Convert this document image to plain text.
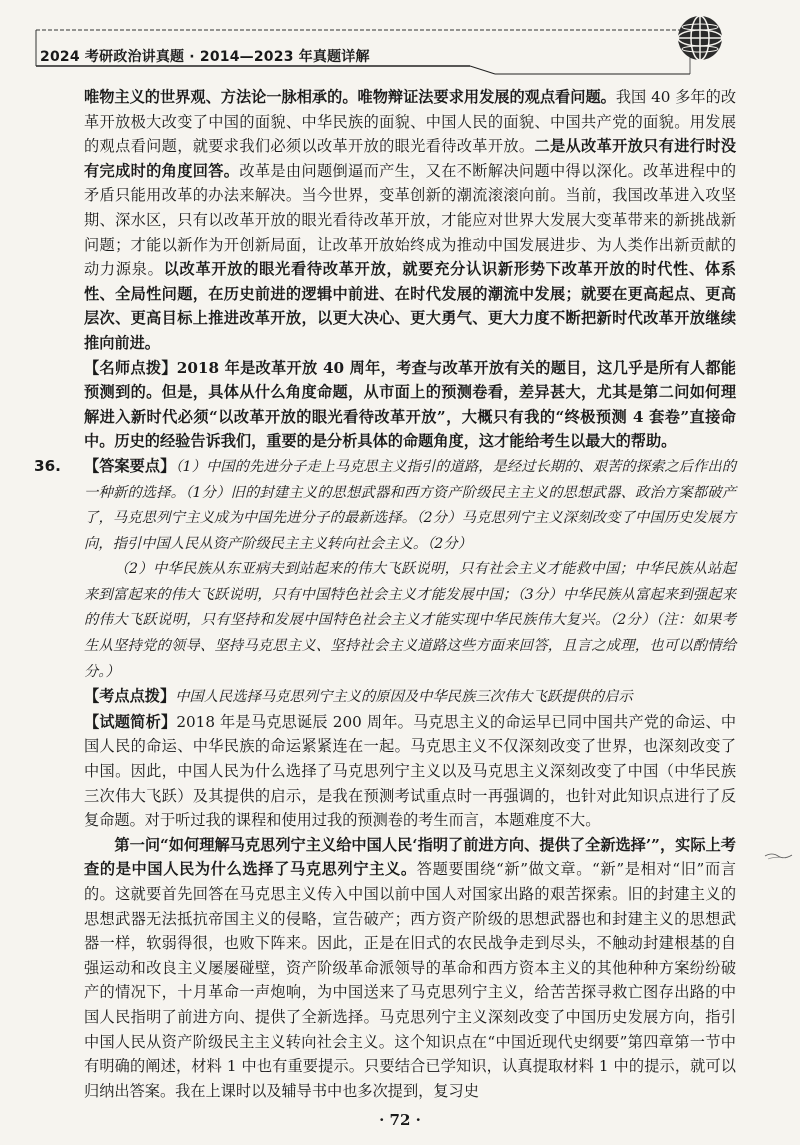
2024 考研政治讲真题 · 2014—2023 年真题详解

唯物主义的世界观、方法论一脉相承的。唯物辩证法要求用发展的观点看问题。我国 40 多年的改革开放极大改变了中国的面貌、中华民族的面貌、中国人民的面貌、中国共产党的面貌。用发展的观点看问题，就要求我们必须以改革开放的眼光看待改革开放。二是从改革开放只有进行时没有完成时的角度回答。改革是由问题倒逼而产生，又在不断解决问题中得以深化。改革进程中的矛盾只能用改革的办法来解决。当今世界，变革创新的潮流滚滚向前。当前，我国改革进入攻坚期、深水区，只有以改革开放的眼光看待改革开放，才能应对世界大发展大变革带来的新挑战新问题；才能以新作为开创新局面，让改革开放始终成为推动中国发展进步、为人类作出新贡献的动力源泉。以改革开放的眼光看待改革开放，就要充分认识新形势下改革开放的时代性、体系性、全局性问题，在历史前进的逻辑中前进、在时代发展的潮流中发展；就要在更高起点、更高层次、更高目标上推进改革开放，以更大决心、更大勇气、更大力度不断把新时代改革开放继续推向前进。

【名师点拨】2018 年是改革开放 40 周年，考查与改革开放有关的题目，这几乎是所有人都能预测到的。但是，具体从什么角度命题，从市面上的预测卷看，差异甚大，尤其是第二问如何理解进入新时代必须“以改革开放的眼光看待改革开放”，大概只有我的“终极预测 4 套卷”直接命中。历史的经验告诉我们，重要的是分析具体的命题角度，这才能给考生以最大的帮助。

36. 【答案要点】（1）中国的先进分子走上马克思主义指引的道路，是经过长期的、艰苦的探索之后作出的一种新的选择。（1分）旧的封建主义的思想武器和西方资产阶级民主主义的思想武器、政治方案都破产了，马克思列宁主义成为中国先进分子的最新选择。（2分）马克思列宁主义深刻改变了中国历史发展方向，指引中国人民从资产阶级民主主义转向社会主义。（2分）

（2）中华民族从东亚病夫到站起来的伟大飞跃说明，只有社会主义才能救中国；中华民族从站起来到富起来的伟大飞跃说明，只有中国特色社会主义才能发展中国；（3分）中华民族从富起来到强起来的伟大飞跃说明，只有坚持和发展中国特色社会主义才能实现中华民族伟大复兴。（2分）（注：如果考生从坚持党的领导、坚持马克思主义、坚持社会主义道路这些方面来回答，且言之成理，也可以酌情给分。）

【考点点拨】中国人民选择马克思列宁主义的原因及中华民族三次伟大飞跃提供的启示

【试题简析】2018 年是马克思诞辰 200 周年。马克思主义的命运早已同中国共产党的命运、中国人民的命运、中华民族的命运紧紧连在一起。马克思主义不仅深刻改变了世界，也深刻改变了中国。因此，中国人民为什么选择了马克思列宁主义以及马克思主义深刻改变了中国（中华民族三次伟大飞跃）及其提供的启示，是我在预测考试重点时一再强调的，也针对此知识点进行了反复命题。对于听过我的课程和使用过我的预测卷的考生而言，本题难度不大。

第一问“如何理解马克思列宁主义给中国人民‘指明了前进方向、提供了全新选择’”，实际上考查的是中国人民为什么选择了马克思列宁主义。答题要围绕“新”做文章。“新”是相对“旧”而言的。这就要首先回答在马克思主义传入中国以前中国人对国家出路的艰苦探索。旧的封建主义的思想武器无法抵抗帝国主义的侵略，宣告破产；西方资产阶级的思想武器也和封建主义的思想武器一样，软弱得很，也败下阵来。因此，正是在旧式的农民战争走到尽头，不触动封建根基的自强运动和改良主义屡屡碰壁，资产阶级革命派领导的革命和西方资本主义的其他种种方案纷纷破产的情况下，十月革命一声炮响，为中国送来了马克思列宁主义，给苦苦探寻救亡图存出路的中国人民指明了前进方向、提供了全新选择。马克思列宁主义深刻改变了中国历史发展方向，指引中国人民从资产阶级民主主义转向社会主义。这个知识点在“中国近现代史纲要”第四章第一节中有明确的阐述，材料 1 中也有重要提示。只要结合已学知识，认真提取材料 1 中的提示，就可以归纳出答案。我在上课时以及辅导书中也多次提到，复习史

· 72 ·
